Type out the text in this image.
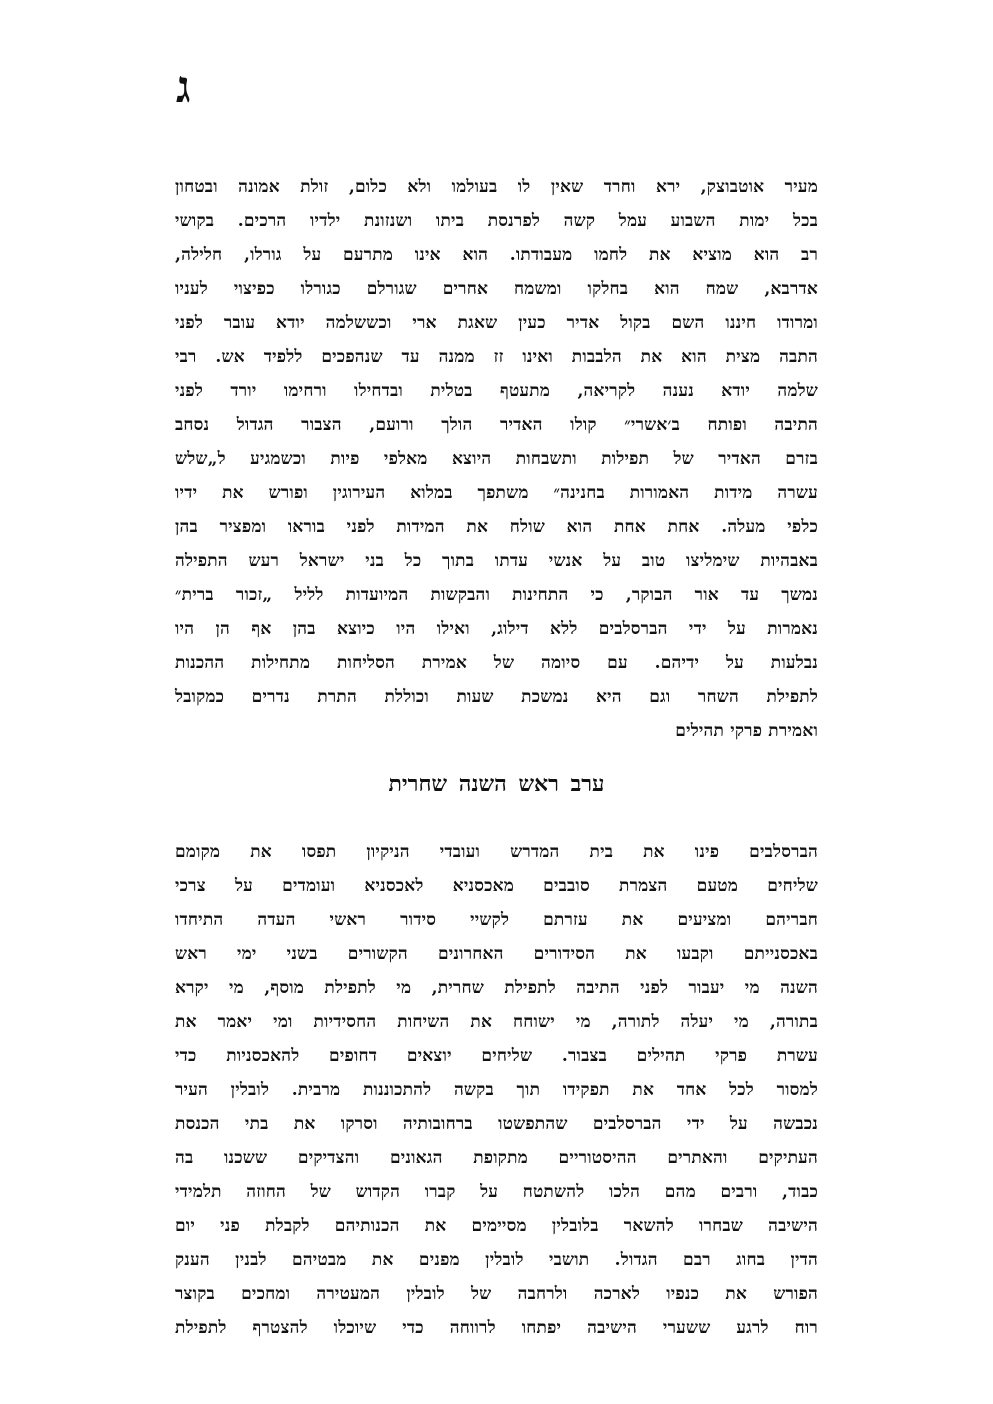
ג
מעיר אוטבוצק, ירא וחרד שאין לו בעולמו ולא כלום, זולת אמונה ובטחון
בכל ימות השבוע עמל קשה לפרנסת ביתו ושנזונת ילדיו הרכים. בקושי
רב הוא מוציא את לחמו מעבודתו. הוא אינו מתרעם על גורלו, חלילה,
אדרבא, שמח הוא בחלקו ומשמח אחרים שגורלם כגורלו כפיצוי לעניו
ומרודו חיננו השם בקול אדיר כעין שאגת ארי וכששלמה יודא עובר לפני
התבה מצית הוא את הלבבות ואינו זז ממנה עד שנהפכים ללפיד אש. רבי
שלמה יודא נענה לקריאה, מתעטף בטלית ובדחילו ורחימו יורד לפני
התיבה ופותח ב׳אשרי״ קולו האדיר הולך ורועם, הצבור הגדול נסחב
בזרם האדיר של תפילות ותשבחות היוצא מאלפי פיות וכשמגיע ל„שלש
עשרה מידות האמורות בחנינה״ משתפך במלוא העירוגין ופורש את ידיו
כלפי מעלה. אחת אחת הוא שולח את המידות לפני בוראו ומפציר בהן
באבהיות שימליצו טוב על אנשי עדתו בתוך כל בני ישראל רעש התפילה
נמשך עד אור הבוקר, כי התחינות והבקשות המיועדות לליל „זכור ברית״
נאמרות על ידי הברסלבים ללא דילוג, ואילו היו כיוצא בהן אף הן היו
נבלעות על ידיהם. עם סיומה של אמירת הסליחות מתחילות ההכנות
לתפילת השחר וגם היא נמשכת שעות וכוללת התרת נדרים כמקובל
ואמירת פרקי תהילים
ערב ראש השנה שחרית
הברסלבים פינו את בית המדרש ועובדי הניקיון תפסו את מקומם
שליחים מטעם הצמרת סובבים מאכסניא לאכסניא ועומדים על צרכי
חבריהם ומציעים את עזרתם לקשיי סידור ראשי העדה התיחדו
באכסנייתם וקבעו את הסידורים האחרונים הקשורים בשני ימי ראש
השנה מי יעבור לפני התיבה לתפילת שחרית, מי לתפילת מוסף, מי יקרא
בתורה, מי יעלה לתורה, מי ישוחח את השיחות החסידיות ומי יאמר את
עשרת פרקי תהילים בצבור. שליחים יוצאים דחופים להאכסניות כדי
למסור לכל אחד את תפקידו תוך בקשה להתכוננות מרבית. לובלין העיר
נכבשה על ידי הברסלבים שהתפשטו ברחובותיה וסרקו את בתי הכנסת
העתיקים והאתרים ההיסטוריים מתקופת הגאונים והצדיקים ששכנו בה
כבוד, ורבים מהם הלכו להשתטח על קברו הקדוש של החוזה תלמידי
הישיבה שבחרו להשאר בלובלין מסיימים את הכנותיהם לקבלת פני יום
הדין בחוג רבם הגדול. תושבי לובלין מפנים את מבטיהם לבנין הענק
הפורש את כנפיו לארכה ולרחבה של לובלין המעטירה ומחכים בקוצר
רוח לרגע ששערי הישיבה יפתחו לרווחה כדי שיוכלו להצטרף לתפילת
